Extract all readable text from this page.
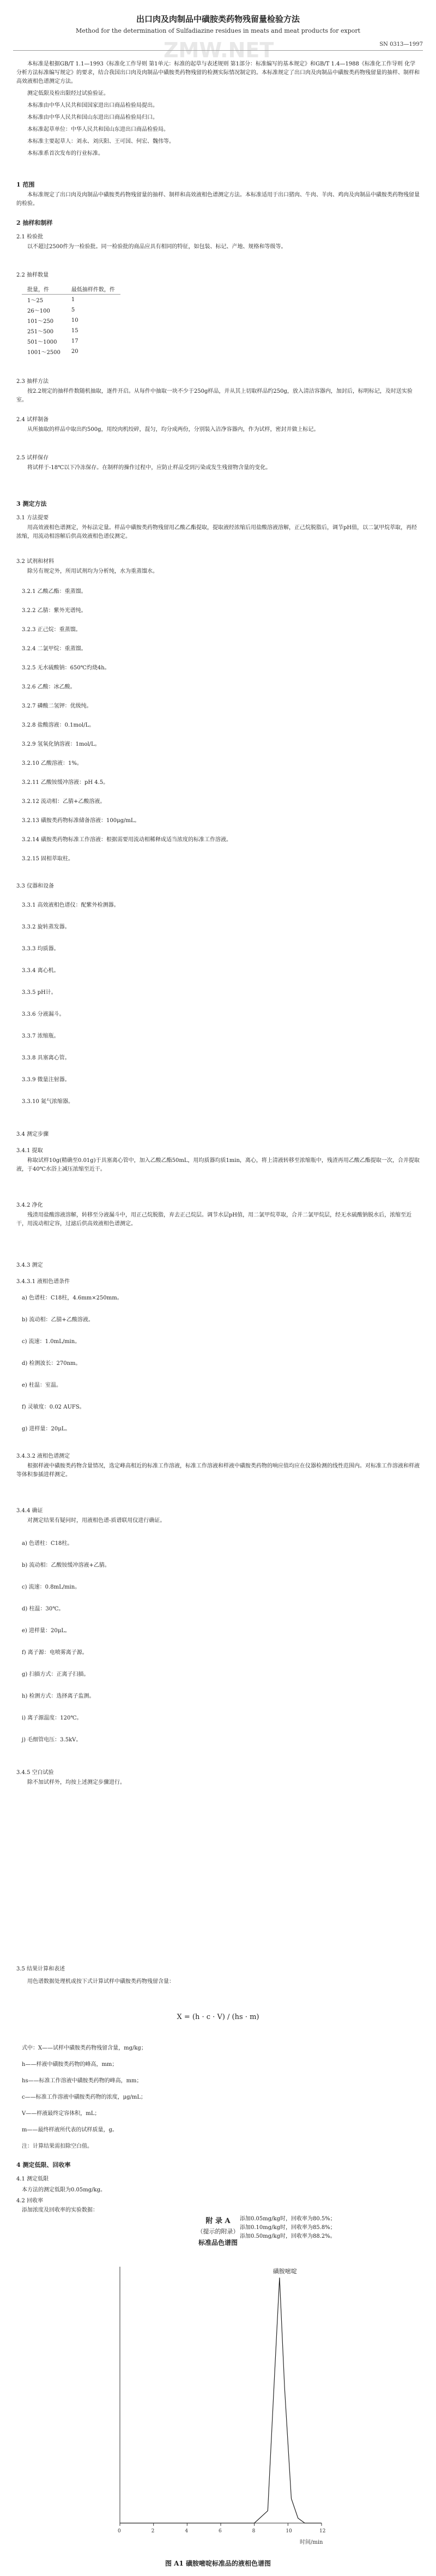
ZMW.NET
出口肉及肉制品中磺胺类药物残留量检验方法
Method for the determination of Sulfadiazine residues in meats and meat products for export
SN 0313—1997

本标准是根据GB/T 1.1—1993《标准化工作导则 第1单元：标准的起草与表述规则 第1部分：标准编写的基本规定》和GB/T 1.4—1988《标准化工作导则 化学分析方法标准编写规定》的要求，结合我国出口肉及肉制品中磺胺类药物残留的检测实际情况制定的。本标准规定了出口肉及肉制品中磺胺类药物残留量的抽样、制样和高效液相色谱测定方法。

测定低限及检出限经过试验验证。

本标准由中华人民共和国国家进出口商品检验局提出。

本标准由中华人民共和国山东进出口商品检验局归口。

本标准起草单位：中华人民共和国山东进出口商品检验局。

本标准主要起草人：刘永、刘庆阳、王可国、何宏、魏伟等。

本标准系首次发布的行业标准。

1 范围

本标准规定了出口肉及肉制品中磺胺类药物残留量的抽样、制样和高效液相色谱测定方法。本标准适用于出口猪肉、牛肉、羊肉、鸡肉及肉制品中磺胺类药物残留量的检验。

2 抽样和制样
2.1 检验批

以不超过2500件为一检验批。同一检验批的商品应具有相同的特征，如包装、标记、产地、规格和等级等。

2.2 抽样数量
批量，件	最低抽样件数，件
1～25	1
26～100	5
101～250	10
251～500	15
501～1000	17
1001～2500	20
2.3 抽样方法

按2.2规定的抽样件数随机抽取，逐件开启。从每件中抽取一块不少于250g样品，并从其上切取样品约250g，放入清洁容器内，加封后，标明标记，及时送实验室。

2.4 试样制备

从所抽取的样品中取出约500g，用绞肉机绞碎，混匀，均分成两份，分别装入洁净容器内，作为试样，密封并做上标记。

2.5 试样保存

将试样于-18℃以下冷冻保存。在制样的操作过程中，应防止样品受到污染或发生残留物含量的变化。

3 测定方法
3.1 方法提要

用高效液相色谱测定，外标法定量。样品中磺胺类药物残留用乙酸乙酯提取，提取液经浓缩后用盐酸溶液溶解，正己烷脱脂后，调节pH值，以二氯甲烷萃取，再经浓缩，用流动相溶解后供高效液相色谱仪测定。

3.2 试剂和材料

除另有规定外，所用试剂均为分析纯，水为重蒸馏水。

3.2.1 乙酸乙酯：重蒸馏。
3.2.2 乙腈：紫外光谱纯。
3.2.3 正己烷：重蒸馏。
3.2.4 二氯甲烷：重蒸馏。
3.2.5 无水硫酸钠：650℃灼烧4h。
3.2.6 乙酸：冰乙酸。
3.2.7 磷酸二氢钾：优级纯。
3.2.8 盐酸溶液：0.1mol/L。
3.2.9 氢氧化钠溶液：1mol/L。
3.2.10 乙酸溶液：1%。
3.2.11 乙酸铵缓冲溶液：pH 4.5。
3.2.12 流动相：乙腈+乙酸溶液。
3.2.13 磺胺类药物标准储备溶液：100μg/mL。
3.2.14 磺胺类药物标准工作溶液：根据需要用流动相稀释成适当浓度的标准工作溶液。
3.2.15 固相萃取柱。
3.3 仪器和设备
3.3.1 高效液相色谱仪：配紫外检测器。
3.3.2 旋转蒸发器。
3.3.3 均质器。
3.3.4 离心机。
3.3.5 pH计。
3.3.6 分液漏斗。
3.3.7 浓缩瓶。
3.3.8 具塞离心管。
3.3.9 微量注射器。
3.3.10 氮气浓缩器。
3.4 测定步骤
3.4.1 提取

称取试样10g(精确至0.01g)于具塞离心管中，加入乙酸乙酯50mL，用均质器均质1min，离心，将上清液转移至浓缩瓶中，残渣再用乙酸乙酯提取一次，合并提取液，于40℃水浴上减压浓缩至近干。

3.4.2 净化

残渣用盐酸溶液溶解，转移至分液漏斗中，用正己烷脱脂，弃去正己烷层。调节水层pH值，用二氯甲烷萃取，合并二氯甲烷层，经无水硫酸钠脱水后，浓缩至近干，用流动相定容，过滤后供高效液相色谱测定。

3.4.3 测定
3.4.3.1 液相色谱条件
a) 色谱柱：C18柱，4.6mm×250mm。
b) 流动相：乙腈+乙酸溶液。
c) 流速：1.0mL/min。
d) 检测波长：270nm。
e) 柱温：室温。
f) 灵敏度：0.02 AUFS。
g) 进样量：20μL。
3.4.3.2 液相色谱测定

根据样液中磺胺类药物含量情况，选定峰高相近的标准工作溶液，标准工作溶液和样液中磺胺类药物的响应值均应在仪器检测的线性范围内。对标准工作溶液和样液等体积参插进样测定。

3.4.4 确证

对测定结果有疑问时，用液相色谱-质谱联用仪进行确证。

a) 色谱柱：C18柱。
b) 流动相：乙酸铵缓冲溶液+乙腈。
c) 流速：0.8mL/min。
d) 柱温：30℃。
e) 进样量：20μL。
f) 离子源：电喷雾离子源。
g) 扫描方式：正离子扫描。
h) 检测方式：选择离子监测。
i) 离子源温度：120℃。
j) 毛细管电压：3.5kV。
3.4.5 空白试验

除不加试样外，均按上述测定步骤进行。

3.5 结果计算和表述

用色谱数据处理机或按下式计算试样中磺胺类药物残留含量：

X = (h · c · V) / (hs · m)
式中：X——试样中磺胺类药物残留含量，mg/kg；
h——样液中磺胺类药物的峰高，mm；
hs——标准工作溶液中磺胺类药物的峰高，mm；
c——标准工作溶液中磺胺类药物的浓度，μg/mL；
V——样液最终定容体积，mL；
m——最终样液所代表的试样质量，g。
注：计算结果需扣除空白值。
4 测定低限、回收率
4.1 测定低限
本方法的测定低限为0.05mg/kg。
4.2 回收率
添加浓度及回收率的实验数据：
添加0.05mg/kg时，回收率为80.5%；
添加0.10mg/kg时，回收率为85.8%；
添加0.50mg/kg时，回收率为88.2%。
附 录 A
（提示的附录）
标准品色谱图
0	2	4	6	8	10	12
磺胺嘧啶
时间/min
图 A1 磺胺嘧啶标准品的液相色谱图
